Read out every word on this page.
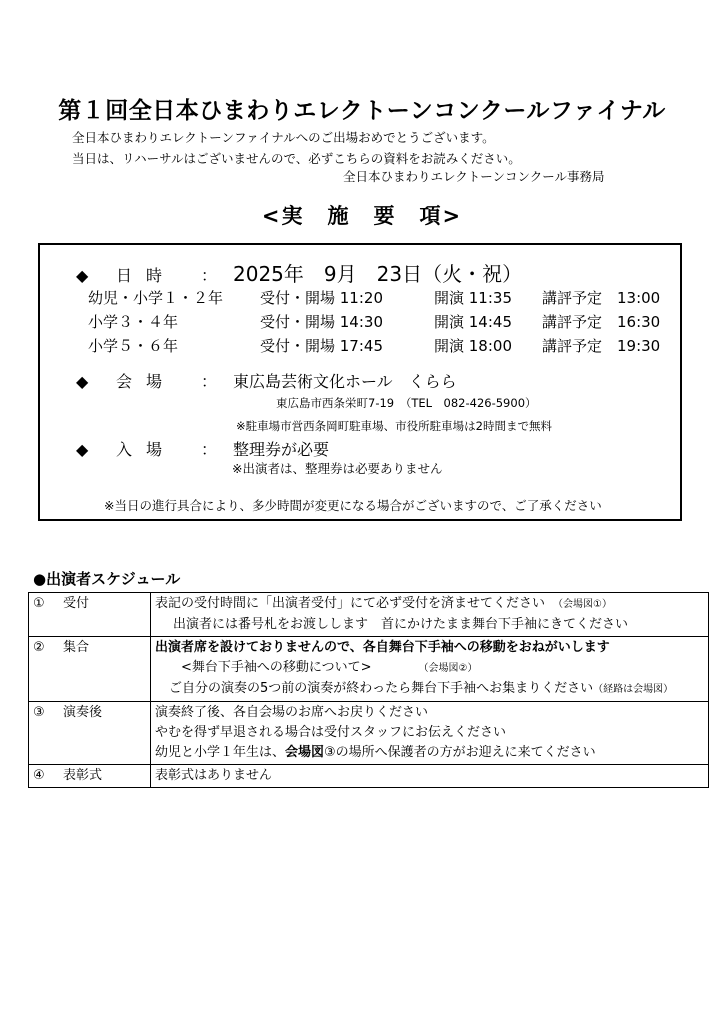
第１回全日本ひまわりエレクトーンコンクールファイナル
全日本ひまわりエレクトーンファイナルへのご出場おめでとうございます。
当日は、リハーサルはございませんので、必ずこちらの資料をお読みください。
全日本ひまわりエレクトーンコンクール事務局
<実　施　要　項>
◆ 日時 ： 2025年　9月　23日（火・祝）
幼児・小学１・２年 受付・開場 11:20	開演 11:35 講評予定　13:00
小学３・４年	受付・開場 14:30	開演 14:45 講評予定　16:30
小学５・６年	受付・開場 17:45	開演 18:00 講評予定　19:30
◆ 会場 ： 東広島芸術文化ホール　くらら
東広島市西条栄町7-19　（TEL　082-426-5900）
※駐車場市営西条岡町駐車場、市役所駐車場は2時間まで無料
◆ 入場 ： 整理券が必要
※出演者は、整理券は必要ありません
※当日の進行具合により、多少時間が変更になる場合がございますので、ご了承ください
●出演者スケジュール
① 受付	表記の受付時間に「出演者受付」にて必ず受付を済ませてください　 （会場図①）
出演者には番号札をお渡しします　首にかけたまま舞台下手袖にきてください

② 集合	出演者席を設けておりませんので、各自舞台下手袖への移動をおねがいします
<舞台下手袖への移動について>　　　　 （会場図②）
ご自分の演奏の5つ前の演奏が終わったら舞台下手袖へお集まりください（経路は会場図）

③ 演奏後	演奏終了後、各自会場のお席へお戻りください
やむを得ず早退される場合は受付スタッフにお伝えください
幼児と小学１年生は、会場図③の場所へ保護者の方がお迎えに来てください

④ 表彰式	表彰式はありません
